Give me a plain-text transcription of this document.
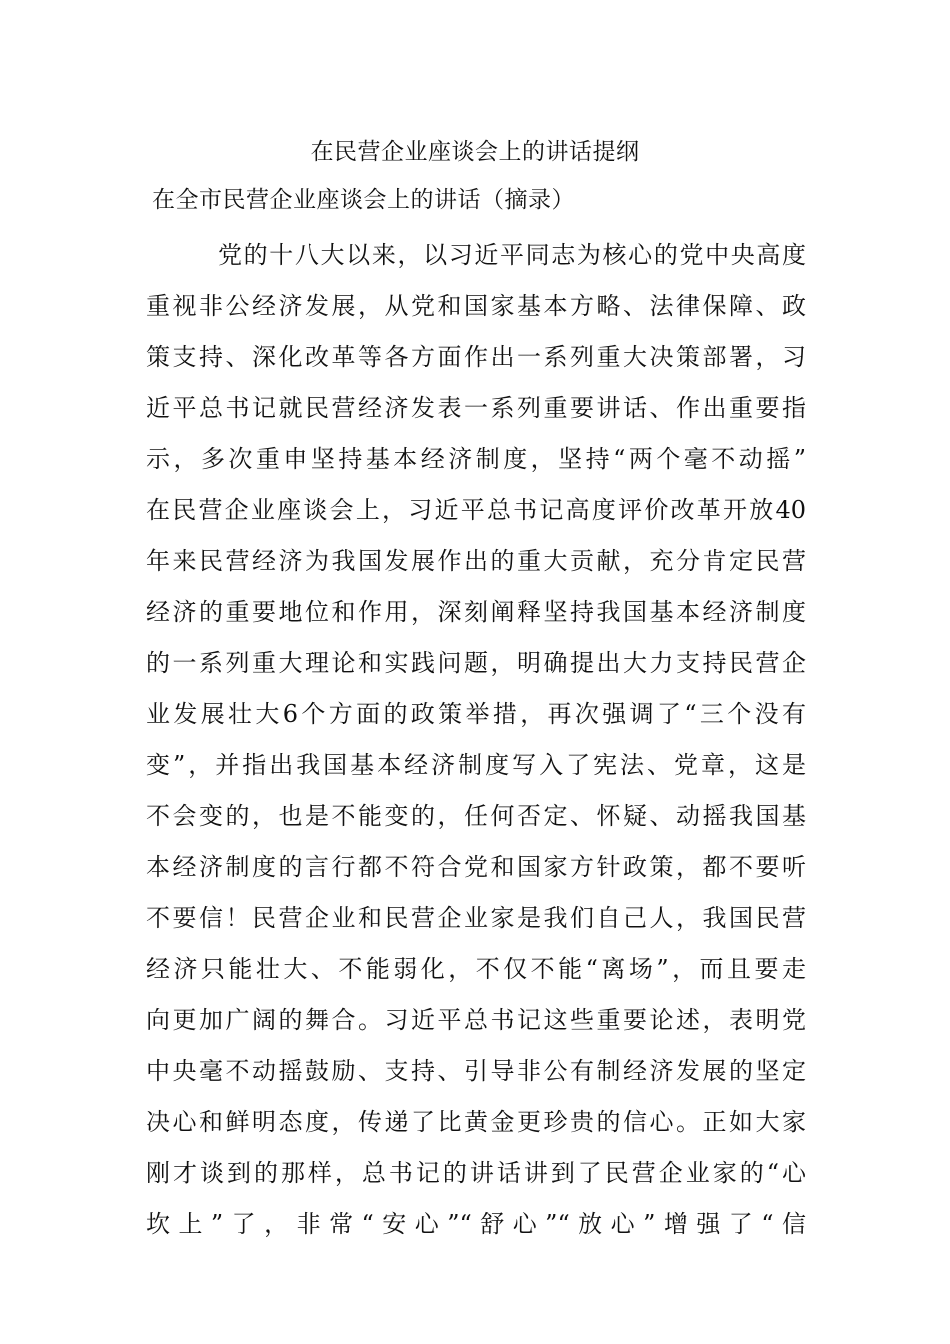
在民营企业座谈会上的讲话提纲
在全市民营企业座谈会上的讲话（摘录）
党的十八大以来，以习近平同志为核心的党中央高度
重视非公经济发展，从党和国家基本方略、法律保障、政
策支持、深化改革等各方面作出一系列重大决策部署，习
近平总书记就民营经济发表一系列重要讲话、作出重要指
示，多次重申坚持基本经济制度，坚持“两个毫不动摇”
在民营企业座谈会上，习近平总书记高度评价改革开放40
年来民营经济为我国发展作出的重大贡献，充分肯定民营
经济的重要地位和作用，深刻阐释坚持我国基本经济制度
的一系列重大理论和实践问题，明确提出大力支持民营企
业发展壮大6个方面的政策举措，再次强调了“三个没有
变”，并指出我国基本经济制度写入了宪法、党章，这是
不会变的，也是不能变的，任何否定、怀疑、动摇我国基
本经济制度的言行都不符合党和国家方针政策，都不要听
不要信！民营企业和民营企业家是我们自己人，我国民营
经济只能壮大、不能弱化，不仅不能“离场”，而且要走
向更加广阔的舞合。习近平总书记这些重要论述，表明党
中央毫不动摇鼓励、支持、引导非公有制经济发展的坚定
决心和鲜明态度，传递了比黄金更珍贵的信心。正如大家
刚才谈到的那样，总书记的讲话讲到了民营企业家的“心
坎上”了，非常“安心”“舒心”“放心”增强了“信
